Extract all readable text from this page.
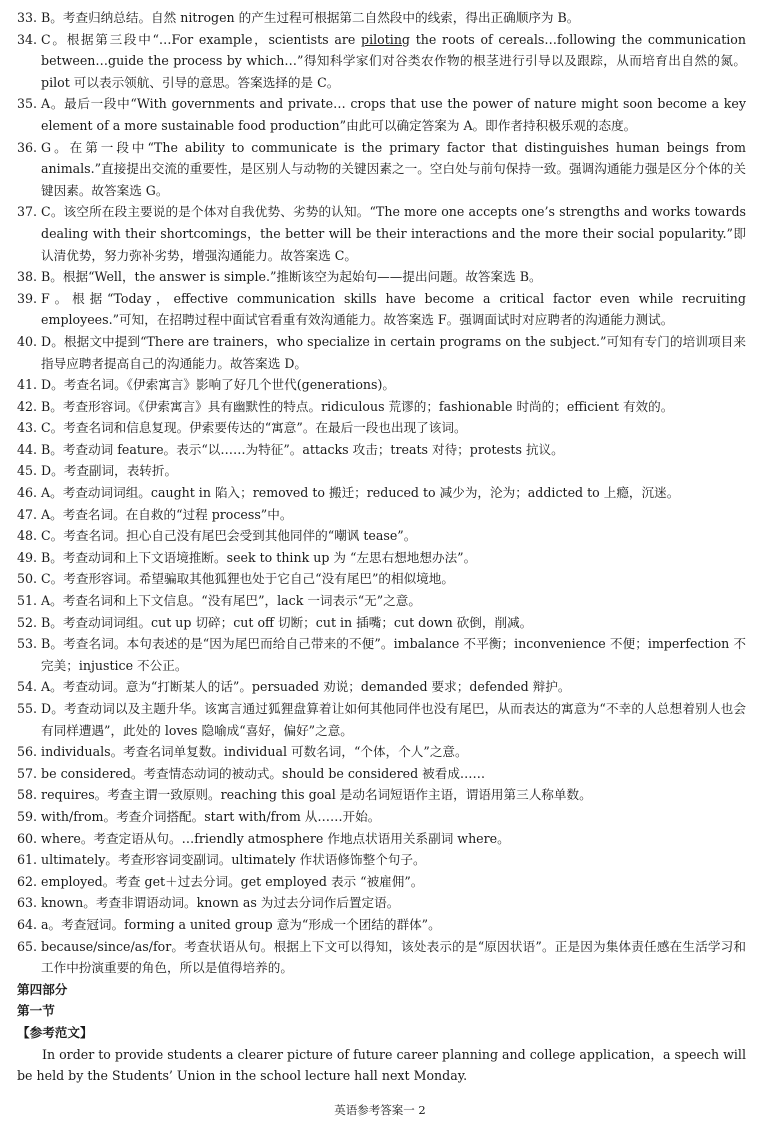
33. B。考查归纳总结。自然 nitrogen 的产生过程可根据第二自然段中的线索，得出正确顺序为 B。
34. C。根据第三段中“…For example，scientists are piloting the roots of cereals…following the communication between…guide the process by which…”得知科学家们对谷类农作物的根茎进行引导以及跟踪，从而培育出自然的氮。pilot 可以表示领航、引导的意思。答案选择的是 C。
35. A。最后一段中“With governments and private… crops that use the power of nature might soon become a key element of a more sustainable food production”由此可以确定答案为 A。即作者持积极乐观的态度。
36. G。在第一段中“The ability to communicate is the primary factor that distinguishes human beings from animals.”直接提出交流的重要性，是区别人与动物的关键因素之一。空白处与前句保持一致。强调沟通能力强是区分个体的关键因素。故答案选 G。
37. C。该空所在段主要说的是个体对自我优势、劣势的认知。“The more one accepts one’s strengths and works towards dealing with their shortcomings，the better will be their interactions and the more their social popularity.”即认清优势，努力弥补劣势，增强沟通能力。故答案选 C。
38. B。根据“Well，the answer is simple.”推断该空为起始句——提出问题。故答案选 B。
39. F。根据“Today，effective communication skills have become a critical factor even while recruiting employees.”可知，在招聘过程中面试官看重有效沟通能力。故答案选 F。强调面试时对应聘者的沟通能力测试。
40. D。根据文中提到“There are trainers，who specialize in certain programs on the subject.”可知有专门的培训项目来指导应聘者提高自己的沟通能力。故答案选 D。
41. D。考查名词。《伊索寓言》影响了好几个世代(generations)。
42. B。考查形容词。《伊索寓言》具有幽默性的特点。ridiculous 荒谬的；fashionable 时尚的；efficient 有效的。
43. C。考查名词和信息复现。伊索要传达的“寓意”。在最后一段也出现了该词。
44. B。考查动词 feature。表示“以……为特征”。attacks 攻击；treats 对待；protests 抗议。
45. D。考查副词，表转折。
46. A。考查动词词组。caught in 陷入；removed to 搬迁；reduced to 减少为，沦为；addicted to 上瘾，沉迷。
47. A。考查名词。在自救的“过程 process”中。
48. C。考查名词。担心自己没有尾巴会受到其他同伴的“嘲讽 tease”。
49. B。考查动词和上下文语境推断。seek to think up 为 “左思右想地想办法”。
50. C。考查形容词。希望骗取其他狐狸也处于它自己“没有尾巴”的相似境地。
51. A。考查名词和上下文信息。“没有尾巴”，lack 一词表示“无”之意。
52. B。考查动词词组。cut up 切碎；cut off 切断；cut in 插嘴；cut down 砍倒，削减。
53. B。考查名词。本句表述的是“因为尾巴而给自己带来的不便”。imbalance 不平衡；inconvenience 不便；imperfection 不完美；injustice 不公正。
54. A。考查动词。意为“打断某人的话”。persuaded 劝说；demanded 要求；defended 辩护。
55. D。考查动词以及主题升华。该寓言通过狐狸盘算着让如何其他同伴也没有尾巴，从而表达的寓意为“不幸的人总想着别人也会有同样遭遇”，此处的 loves 隐喻成“喜好，偏好”之意。
56. individuals。考查名词单复数。individual 可数名词，“个体，个人”之意。
57. be considered。考查情态动词的被动式。should be considered 被看成……
58. requires。考查主谓一致原则。reaching this goal 是动名词短语作主语，谓语用第三人称单数。
59. with/from。考查介词搭配。start with/from 从……开始。
60. where。考查定语从句。…friendly atmosphere 作地点状语用关系副词 where。
61. ultimately。考查形容词变副词。ultimately 作状语修饰整个句子。
62. employed。考查 get＋过去分词。get employed 表示 “被雇佣”。
63. known。考查非谓语动词。known as 为过去分词作后置定语。
64. a。考查冠词。forming a united group 意为“形成一个团结的群体”。
65. because/since/as/for。考查状语从句。根据上下文可以得知，该处表示的是“原因状语”。正是因为集体责任感在生活学习和工作中扮演重要的角色，所以是值得培养的。
第四部分
第一节
【参考范文】

In order to provide students a clearer picture of future career planning and college application，a speech will be held by the Students’ Union in the school lecture hall next Monday.

英语参考答案一 2
